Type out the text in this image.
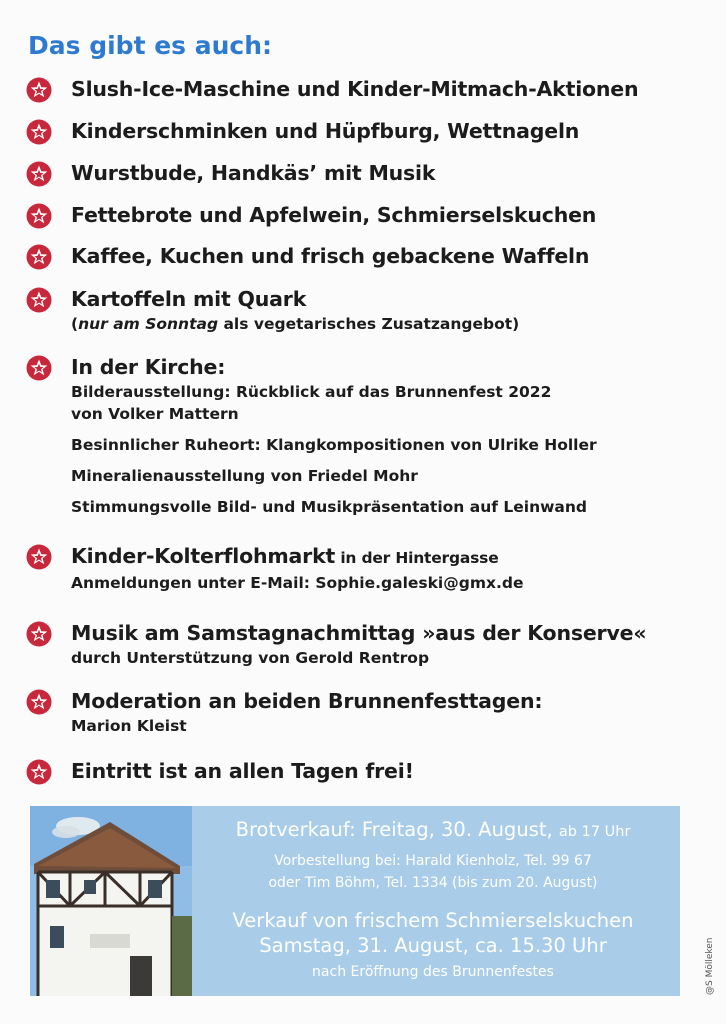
Das gibt es auch:
Slush-Ice-Maschine und Kinder-Mitmach-Aktionen
Kinderschminken und Hüpfburg, Wettnageln
Wurstbude, Handkäs’ mit Musik
Fettebrote und Apfelwein, Schmierselskuchen
Kaffee, Kuchen und frisch gebackene Waffeln
Kartoffeln mit Quark
(nur am Sonntag als vegetarisches Zusatzangebot)
In der Kirche:
Bilderausstellung: Rückblick auf das Brunnenfest 2022
von Volker Mattern
Besinnlicher Ruheort: Klangkompositionen von Ulrike Holler
Mineralienausstellung von Friedel Mohr
Stimmungsvolle Bild- und Musikpräsentation auf Leinwand
Kinder-Kolterflohmarkt in der Hintergasse
Anmeldungen unter E-Mail: Sophie.galeski@gmx.de
Musik am Samstagnachmittag »aus der Konserve«
durch Unterstützung von Gerold Rentrop
Moderation an beiden Brunnenfesttagen:
Marion Kleist
Eintritt ist an allen Tagen frei!
Brotverkauf: Freitag, 30. August, ab 17 Uhr
Vorbestellung bei: Harald Kienholz, Tel. 99 67
oder Tim Böhm, Tel. 1334 (bis zum 20. August)
Verkauf von frischem Schmierselskuchen
Samstag, 31. August, ca. 15.30 Uhr
nach Eröffnung des Brunnenfestes	@S Mölleken
